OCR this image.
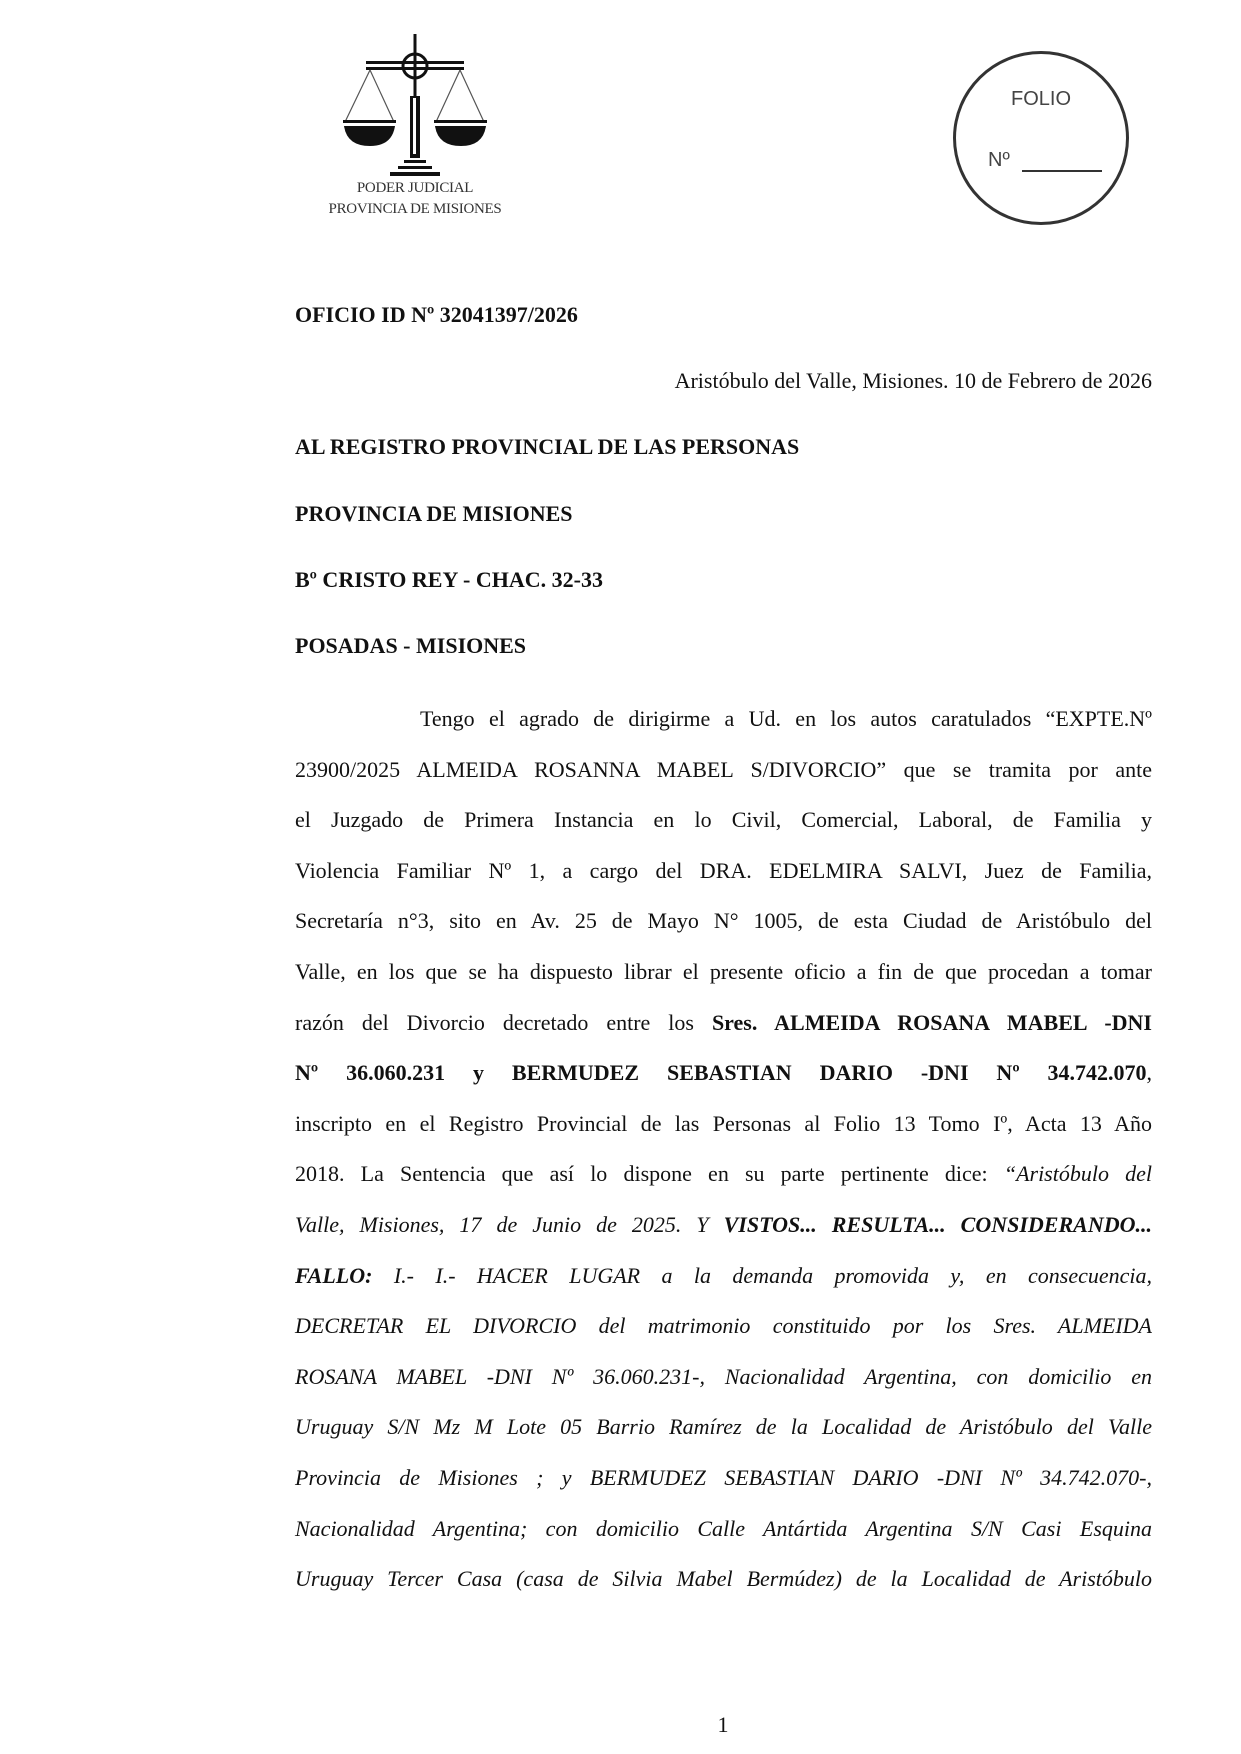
PODER JUDICIAL
PROVINCIA DE MISIONES
FOLIO
Nº
OFICIO ID Nº 32041397/2026
Aristóbulo del Valle, Misiones. 10 de Febrero de 2026
AL REGISTRO PROVINCIAL DE LAS PERSONAS
PROVINCIA DE MISIONES
Bº CRISTO REY - CHAC. 32-33
POSADAS - MISIONES
Tengo el agrado de dirigirme a Ud. en los autos caratulados “EXPTE.Nº
23900/2025 ALMEIDA ROSANNA MABEL S/DIVORCIO” que se tramita por ante
el Juzgado de Primera Instancia en lo Civil, Comercial, Laboral, de Familia y
Violencia Familiar Nº 1, a cargo del DRA. EDELMIRA SALVI, Juez de Familia,
Secretaría n°3, sito en Av. 25 de Mayo N° 1005, de esta Ciudad de Aristóbulo del
Valle, en los que se ha dispuesto librar el presente oficio a fin de que procedan a tomar
razón del Divorcio decretado entre los Sres. ALMEIDA ROSANA MABEL -DNI
Nº 36.060.231 y BERMUDEZ SEBASTIAN DARIO -DNI Nº 34.742.070,
inscripto en el Registro Provincial de las Personas al Folio 13 Tomo Iº, Acta 13 Año
2018. La Sentencia que así lo dispone en su parte pertinente dice: “Aristóbulo del
Valle, Misiones, 17 de Junio de 2025. Y VISTOS... RESULTA... CONSIDERANDO...
FALLO: I.- I.- HACER LUGAR a la demanda promovida y, en consecuencia,
DECRETAR EL DIVORCIO del matrimonio constituido por los Sres. ALMEIDA
ROSANA MABEL -DNI Nº 36.060.231-, Nacionalidad Argentina, con domicilio en
Uruguay S/N Mz M Lote 05 Barrio Ramírez de la Localidad de Aristóbulo del Valle
Provincia de Misiones ; y BERMUDEZ SEBASTIAN DARIO -DNI Nº 34.742.070-,
Nacionalidad Argentina; con domicilio Calle Antártida Argentina S/N Casi Esquina
Uruguay Tercer Casa (casa de Silvia Mabel Bermúdez) de la Localidad de Aristóbulo
1
